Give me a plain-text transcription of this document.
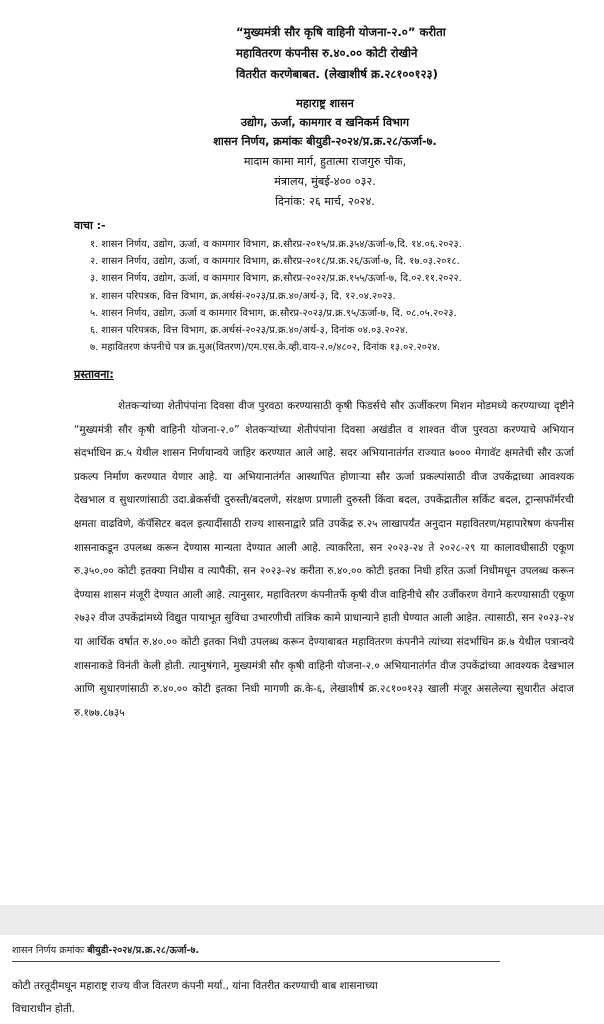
“मुख्यमंत्री सौर कृषि वाहिनी योजना-२.०” करीता
महावितरण कंपनीस रु.४०.०० कोटी रोखीने
वितरीत करणेबाबत. (लेखाशीर्ष क्र.२८१००१२३)
महाराष्ट्र शासन
उद्योग, ऊर्जा, कामगार व खनिकर्म विभाग
शासन निर्णय, क्रमांकः बीयुडी-२०२४/प्र.क्र.२८/ऊर्जा-७.
मादाम कामा मार्ग, हुतात्मा राजगुरु चौक,
मंत्रालय, मुंबई-४०० ०३२.
दिनांक: २६ मार्च, २०२४.
वाचा :-
१. शासन निर्णय, उद्योग, ऊर्जा, व कामगार विभाग, क्र.सौरप्र-२०१५/प्र.क्र.३५४/ऊर्जा-७,दि. १४.०६.२०२३.
२. शासन निर्णय, उद्योग, ऊर्जा, व कामगार विभाग, क्र.सौरप्र-२०१८/प्र.क्र.२६/ऊर्जा-७, दि. १७.०३.२०१८.
३. शासन निर्णय, उद्योग, ऊर्जा, व कामगार विभाग, क्र.सौरप्र-२०२२/प्र.क्र.१५५/ऊर्जा-७, दि.०२.११.२०२२.
४. शासन परिपत्रक, वित्त विभाग, क्र.अर्थसं-२०२३/प्र.क्र.४०/अर्थ-३, दि. १२.०४.२०२३.
५. शासन निर्णय, उद्योग, ऊर्जा व कामगार विभाग, क्र.सौरप्र-२०२३/प्र.क्र.९५/ऊर्जा-७, दि. ०८.०५.२०२३.
६. शासन परिपत्रक, वित्त विभाग, क्र.अर्थसं-२०२३/प्र.क्र.४०/अर्थ-३, दिनांक ०४.०३.२०२४.
७. महावितरण कंपनीचे पत्र क्र.मुअ(वितरण)/एम.एस.के.व्ही.वाय-२.०/४८०२, दिनांक १३.०२.२०२४.
प्रस्तावना:

शेतकऱ्यांच्या शेतीपंपांना दिवसा वीज पुरवठा करण्यासाठी कृषी फिडर्सचे सौर ऊर्जीकरण मिशन मोडमध्ये करण्याच्या दृष्टीने “मुख्यमंत्री सौर कृषी वाहिनी योजना-२.०” शेतकऱ्यांच्या शेतीपंपांना दिवसा अखंडीत व शाश्वत वीज पुरवठा करण्याचे अभियान संदर्भाधिन क्र.५ येथील शासन निर्णयान्वये जाहिर करण्यात आले आहे. सदर अभियानातंर्गत राज्यात ७००० मेगावॅट क्षमतेची सौर ऊर्जा प्रकल्प निर्माण करण्यात येणार आहे. या अभियानातंर्गत आस्थापित होणाऱ्या सौर ऊर्जा प्रकल्पांसाठी वीज उपकेंद्राच्या आवश्यक देखभाल व सुधारणांसाठी उदा.ब्रेकर्सची दुरुस्ती/बदलणे, संरक्षण प्रणाली दुरुस्ती किंवा बदल, उपकेंद्रातील सर्किट बदल, ट्रान्सफॉर्मरची क्षमता वाढविणे, कॅपॅसिटर बदल इत्यादींसाठी राज्य शासनाद्वारे प्रति उपकेंद्र रु.२५ लाखापर्यंत अनुदान महावितरण/महापारेषण कंपनीस शासनाकडून उपलब्ध करून देण्यास मान्यता देण्यात आली आहे. त्याकरिता, सन २०२३-२४ ते २०२८-२९ या कालावधीसाठी एकूण रु.३५०.०० कोटी इतक्या निधीस व त्यापैकी, सन २०२३-२४ करीता रु.४०.०० कोटी इतका निधी हरित ऊर्जा निधीमधून उपलब्ध करून देण्यास शासन मंजूरी देण्यात आली आहे. त्यानुसार, महावितरण कंपनीतर्फे कृषी वीज वाहिनीचे सौर उर्जीकरण वेगाने करण्यासाठी एकूण २७३२ वीज उपकेंद्रांमध्ये विद्युत पायाभूत सुविधा उभारणीची तांत्रिक कामे प्राधान्याने हाती घेण्यात आली आहेत. त्यासाठी, सन २०२३-२४ या आर्थिक वर्षात रु.४०.०० कोटी इतका निधी उपलब्ध करून देण्याबाबत महावितरण कंपनीने त्यांच्या संदर्भाधिन क्र.७ येथील पत्रान्वये शासनाकडे विनंती केली होती. त्यानुषंगाने, मुख्यमंत्री सौर कृषी वाहिनी योजना-२.० अभियानातंर्गत वीज उपकेंद्रांच्या आवश्यक देखभाल आणि सुधारणांसाठी रु.४०.०० कोटी इतका निधी मागणी क्र.के-६, लेखाशीर्ष क्र.२८१००१२३ खाली मंजूर असलेल्या सुधारीत अंदाज रु.१७७.८७३५

शासन निर्णय क्रमांकः बीयुडी-२०२४/प्र.क्र.२८/ऊर्जा-७.
कोटी तरतूदीमधून महाराष्ट्र राज्य वीज वितरण कंपनी मर्या., यांना वितरीत करण्याची बाब शासनाच्या
विचाराधीन होती.
